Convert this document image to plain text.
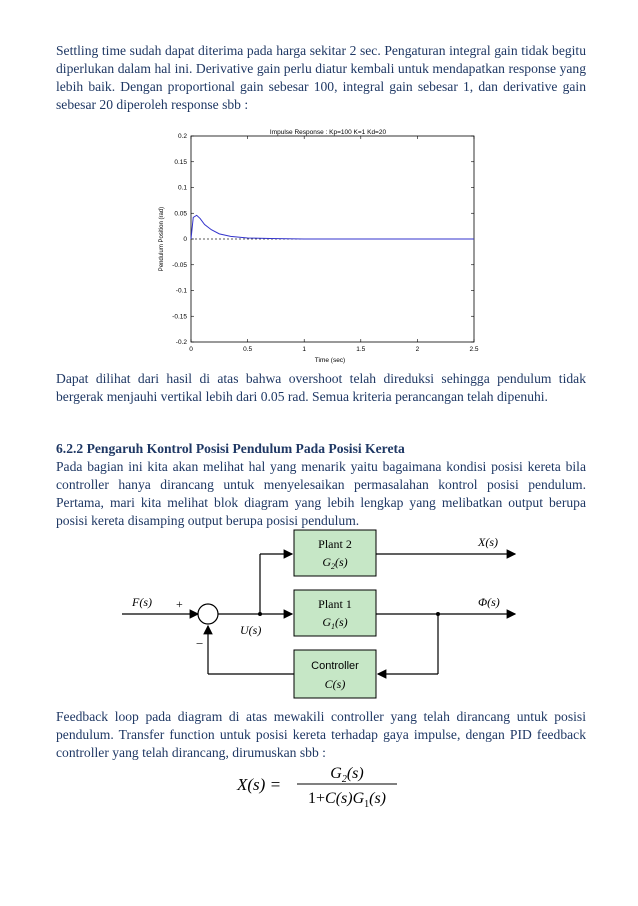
Settling time sudah dapat diterima pada harga sekitar 2 sec. Pengaturan integral gain tidak begitu diperlukan dalam hal ini. Derivative gain perlu diatur kembali untuk mendapatkan response yang lebih baik. Dengan proportional gain sebesar 100, integral gain sebesar 1, dan derivative gain sebesar 20 diperoleh response sbb :

Impulse Response : Kp=100 K=1 Kd=20
0	0.5	1	1.5	2	2.5
0.2
0.15
0.1
0.05
0
-0.05
-0.1
-0.15
-0.2
Time (sec)
Pendulum Position (rad)

Dapat dilihat dari hasil di atas bahwa overshoot telah direduksi sehingga pendulum tidak bergerak menjauhi vertikal lebih dari 0.05 rad. Semua kriteria perancangan telah dipenuhi.

6.2.2 Pengaruh Kontrol Posisi Pendulum Pada Posisi Kereta

Pada bagian ini kita akan melihat hal yang menarik yaitu bagaimana kondisi posisi kereta bila controller hanya dirancang untuk menyelesaikan permasalahan kontrol posisi pendulum. Pertama, mari kita melihat blok diagram yang lebih lengkap yang melibatkan output berupa posisi kereta disamping output berupa posisi pendulum.

F(s) +
−
U(s)
Plant 2
$G_2(s)$
Plant 1
$G_1(s)$
Controller
C(s)
X(s)
Φ(s)

Feedback loop pada diagram di atas mewakili controller yang telah dirancang untuk posisi pendulum. Transfer function untuk posisi kereta terhadap gaya impulse, dengan PID feedback controller yang telah dirancang, dirumuskan sbb :

X(s) =
$G_2(s)$
$1+C(s)G_1(s)$
